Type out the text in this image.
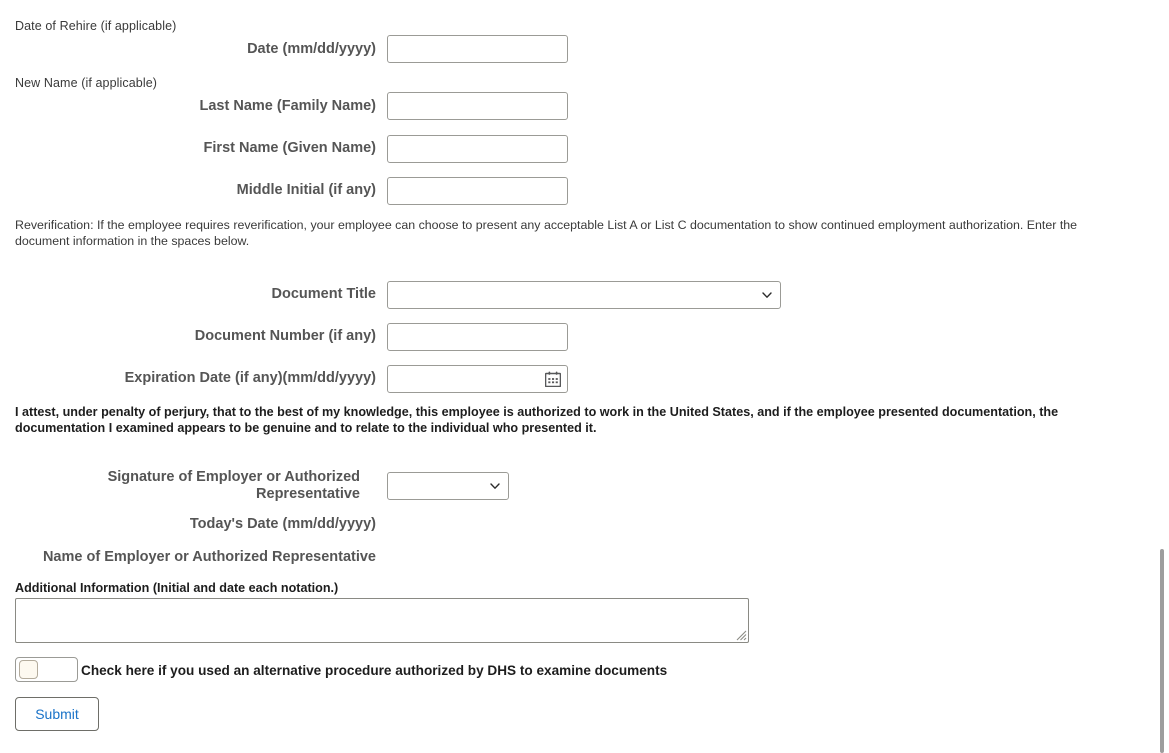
Date of Rehire (if applicable)
Date (mm/dd/yyyy)
New Name (if applicable)
Last Name (Family Name)
First Name (Given Name)
Middle Initial (if any)
Reverification: If the employee requires reverification, your employee can choose to present any acceptable List A or List C documentation to show continued employment authorization. Enter the document information in the spaces below.
Document Title
Document Number (if any)
Expiration Date (if any)(mm/dd/yyyy)
I attest, under penalty of perjury, that to the best of my knowledge, this employee is authorized to work in the United States, and if the employee presented documentation, the documentation I examined appears to be genuine and to relate to the individual who presented it.
Signature of Employer or Authorized
Representative
Today's Date (mm/dd/yyyy)
Name of Employer or Authorized Representative
Additional Information (Initial and date each notation.)
Check here if you used an alternative procedure authorized by DHS to examine documents
Submit
